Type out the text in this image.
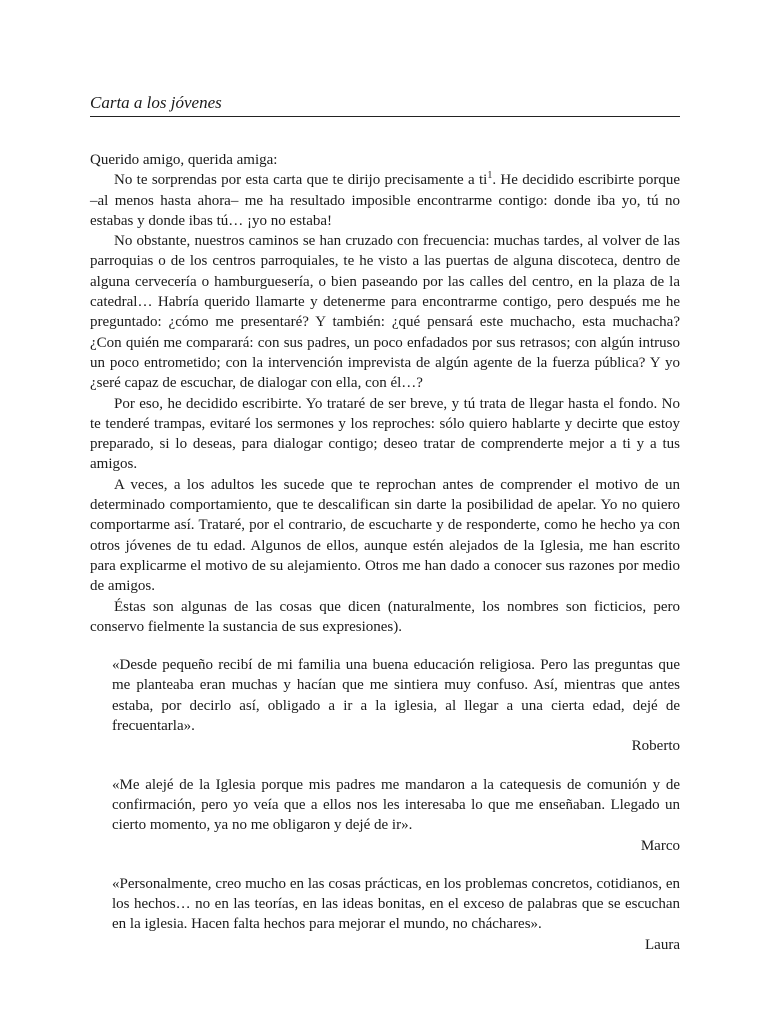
Carta a los jóvenes

Querido amigo, querida amiga:

No te sorprendas por esta carta que te dirijo precisamente a $ti^1$. He decidido escribirte porque –al menos hasta ahora– me ha resultado imposible encontrarme contigo: donde iba yo, tú no estabas y donde ibas tú… ¡yo no estaba!

No obstante, nuestros caminos se han cruzado con frecuencia: muchas tardes, al volver de las parroquias o de los centros parroquiales, te he visto a las puertas de alguna discoteca, dentro de alguna cervecería o hamburguesería, o bien paseando por las calles del centro, en la plaza de la catedral… Habría querido llamarte y detenerme para encontrarme contigo, pero después me he preguntado: ¿cómo me presentaré? Y también: ¿qué pensará este muchacho, esta muchacha? ¿Con quién me comparará: con sus padres, un poco enfadados por sus retrasos; con algún intruso un poco entrometido; con la intervención imprevista de algún agente de la fuerza pública? Y yo ¿seré capaz de escuchar, de dialogar con ella, con él…?

Por eso, he decidido escribirte. Yo trataré de ser breve, y tú trata de llegar hasta el fondo. No te tenderé trampas, evitaré los sermones y los reproches: sólo quiero hablarte y decirte que estoy preparado, si lo deseas, para dialogar contigo; deseo tratar de comprenderte mejor a ti y a tus amigos.

A veces, a los adultos les sucede que te reprochan antes de comprender el motivo de un determinado comportamiento, que te descalifican sin darte la posibilidad de apelar. Yo no quiero comportarme así. Trataré, por el contrario, de escucharte y de responderte, como he hecho ya con otros jóvenes de tu edad. Algunos de ellos, aunque estén alejados de la Iglesia, me han escrito para explicarme el motivo de su alejamiento. Otros me han dado a conocer sus razones por medio de amigos.

Éstas son algunas de las cosas que dicen (naturalmente, los nombres son ficticios, pero conservo fielmente la sustancia de sus expresiones).

«Desde pequeño recibí de mi familia una buena educación religiosa. Pero las preguntas que me planteaba eran muchas y hacían que me sintiera muy confuso. Así, mientras que antes estaba, por decirlo así, obligado a ir a la iglesia, al llegar a una cierta edad, dejé de frecuentarla».

Roberto

«Me alejé de la Iglesia porque mis padres me mandaron a la catequesis de comunión y de confirmación, pero yo veía que a ellos nos les interesaba lo que me enseñaban. Llegado un cierto momento, ya no me obligaron y dejé de ir».

Marco

«Personalmente, creo mucho en las cosas prácticas, en los problemas concretos, cotidianos, en los hechos… no en las teorías, en las ideas bonitas, en el exceso de palabras que se escuchan en la iglesia. Hacen falta hechos para mejorar el mundo, no cháchares».

Laura
